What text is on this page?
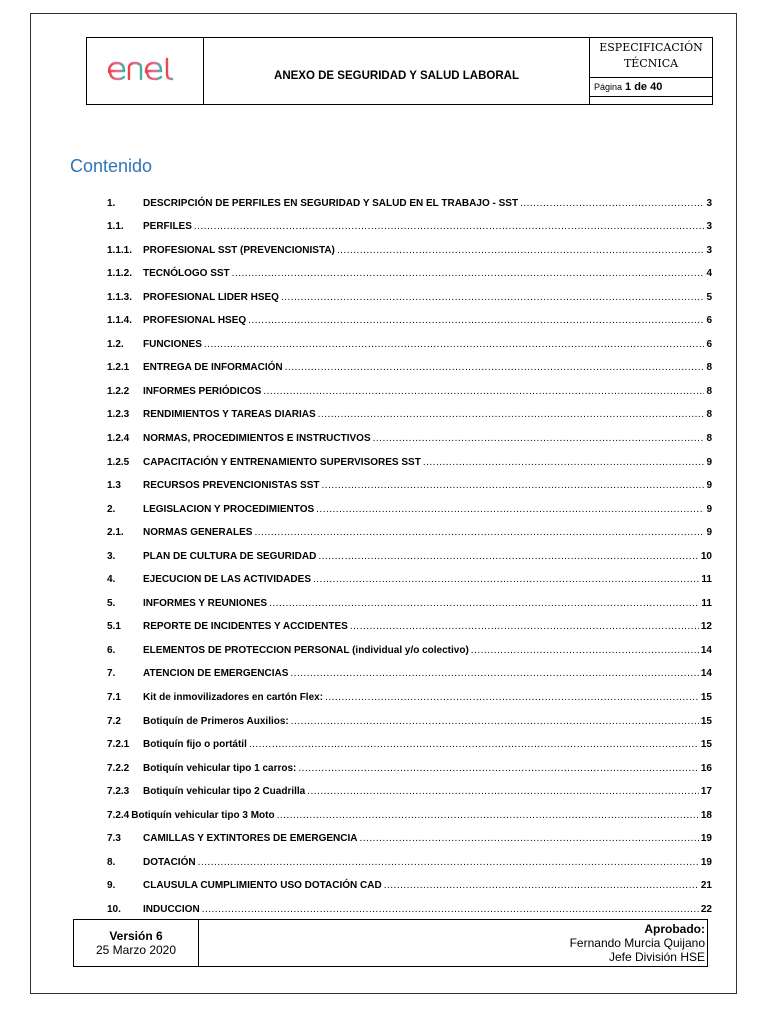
ANEXO DE SEGURIDAD Y SALUD LABORAL
ESPECIFICACIÓN
TÉCNICA
Página 1 de 40
Contenido
1.	DESCRIPCIÓN DE PERFILES EN SEGURIDAD Y SALUD EN EL TRABAJO - SST .....	3
1.1.	PERFILES .....	3
1.1.1.	PROFESIONAL SST (PREVENCIONISTA) .....	3
1.1.2.	TECNÓLOGO SST .....	4
1.1.3.	PROFESIONAL LIDER HSEQ .....	5
1.1.4.	PROFESIONAL HSEQ .....	6
1.2.	FUNCIONES .....	6
1.2.1	ENTREGA DE INFORMACIÓN .....	8
1.2.2	INFORMES PERIÓDICOS .....	8
1.2.3	RENDIMIENTOS Y TAREAS DIARIAS .....	8
1.2.4	NORMAS, PROCEDIMIENTOS E INSTRUCTIVOS .....	8
1.2.5	CAPACITACIÓN Y ENTRENAMIENTO SUPERVISORES SST .....	9
1.3	RECURSOS PREVENCIONISTAS SST .....	9
2.	LEGISLACION Y PROCEDIMIENTOS .....	9
2.1.	NORMAS GENERALES .....	9
3.	PLAN DE CULTURA DE SEGURIDAD .....	10
4.	EJECUCION DE LAS ACTIVIDADES .....	11
5.	INFORMES Y REUNIONES .....	11
5.1	REPORTE DE INCIDENTES Y ACCIDENTES .....	12
6.	ELEMENTOS DE PROTECCION PERSONAL (individual y/o colectivo) .....	14
7.	ATENCION DE EMERGENCIAS .....	14
7.1	Kit de inmovilizadores en cartón Flex: .....	15
7.2	Botiquín de Primeros Auxilios: .....	15
7.2.1	Botiquín fijo o portátil .....	15
7.2.2	Botiquín vehicular tipo 1 carros: .....	16
7.2.3	Botiquín vehicular tipo 2 Cuadrilla .....	17
7.2.4 Botiquín vehicular tipo 3 Moto .....	18
7.3	CAMILLAS Y EXTINTORES DE EMERGENCIA .....	19
8.	DOTACIÓN .....	19
9.	CLAUSULA CUMPLIMIENTO USO DOTACIÓN CAD .....	21
10.	INDUCCION .....	22
Versión 6
25 Marzo 2020
Aprobado:
Fernando Murcia Quijano
Jefe División HSE
